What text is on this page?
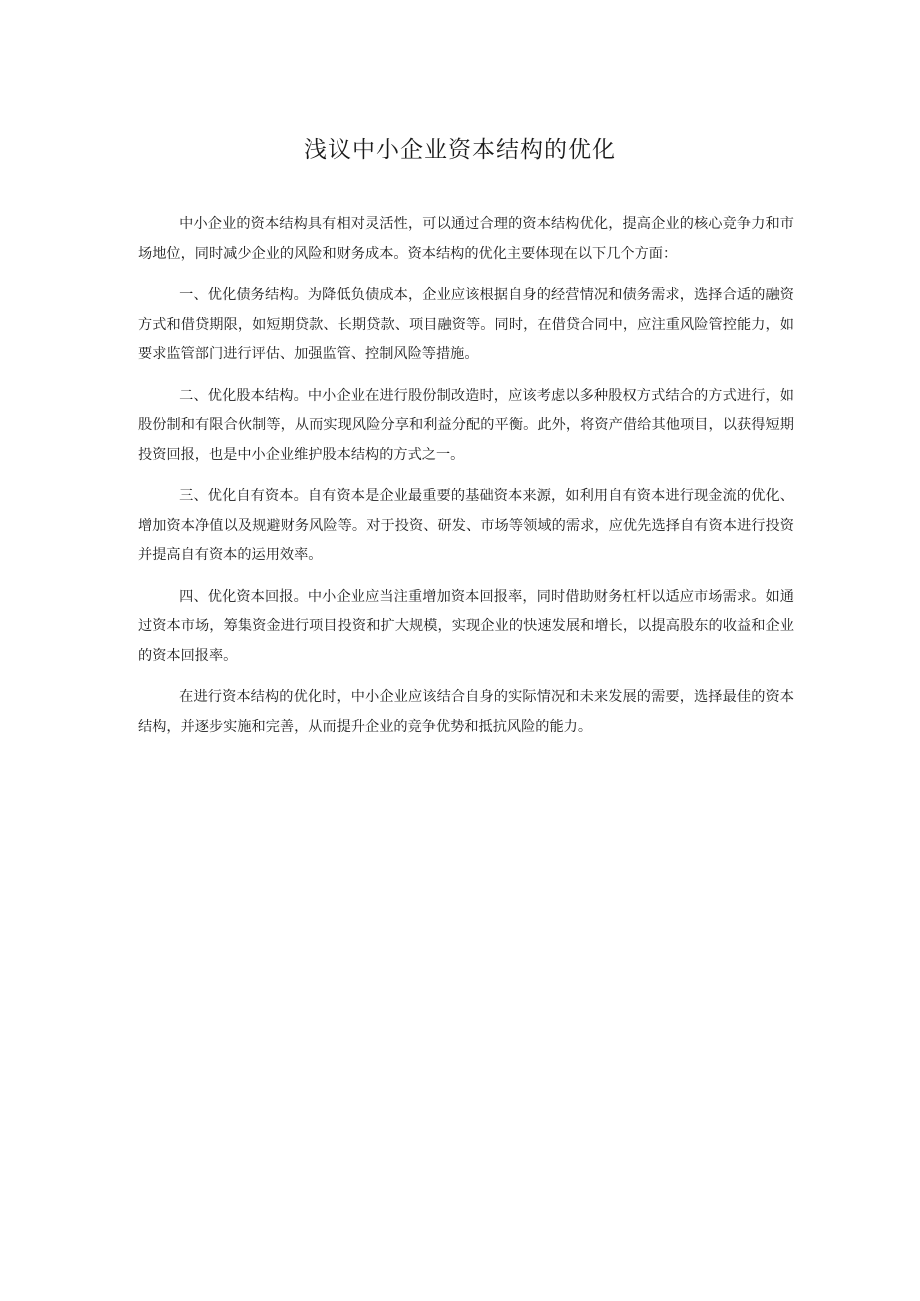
浅议中小企业资本结构的优化

中小企业的资本结构具有相对灵活性，可以通过合理的资本结构优化，提高企业的核心竞争力和市场地位，同时减少企业的风险和财务成本。资本结构的优化主要体现在以下几个方面：

一、优化债务结构。为降低负债成本，企业应该根据自身的经营情况和债务需求，选择合适的融资方式和借贷期限，如短期贷款、长期贷款、项目融资等。同时，在借贷合同中，应注重风险管控能力，如要求监管部门进行评估、加强监管、控制风险等措施。

二、优化股本结构。中小企业在进行股份制改造时，应该考虑以多种股权方式结合的方式进行，如股份制和有限合伙制等，从而实现风险分享和利益分配的平衡。此外，将资产借给其他项目，以获得短期投资回报，也是中小企业维护股本结构的方式之一。

三、优化自有资本。自有资本是企业最重要的基础资本来源，如利用自有资本进行现金流的优化、增加资本净值以及规避财务风险等。对于投资、研发、市场等领域的需求，应优先选择自有资本进行投资并提高自有资本的运用效率。

四、优化资本回报。中小企业应当注重增加资本回报率，同时借助财务杠杆以适应市场需求。如通过资本市场，筹集资金进行项目投资和扩大规模，实现企业的快速发展和增长，以提高股东的收益和企业的资本回报率。

在进行资本结构的优化时，中小企业应该结合自身的实际情况和未来发展的需要，选择最佳的资本结构，并逐步实施和完善，从而提升企业的竞争优势和抵抗风险的能力。
